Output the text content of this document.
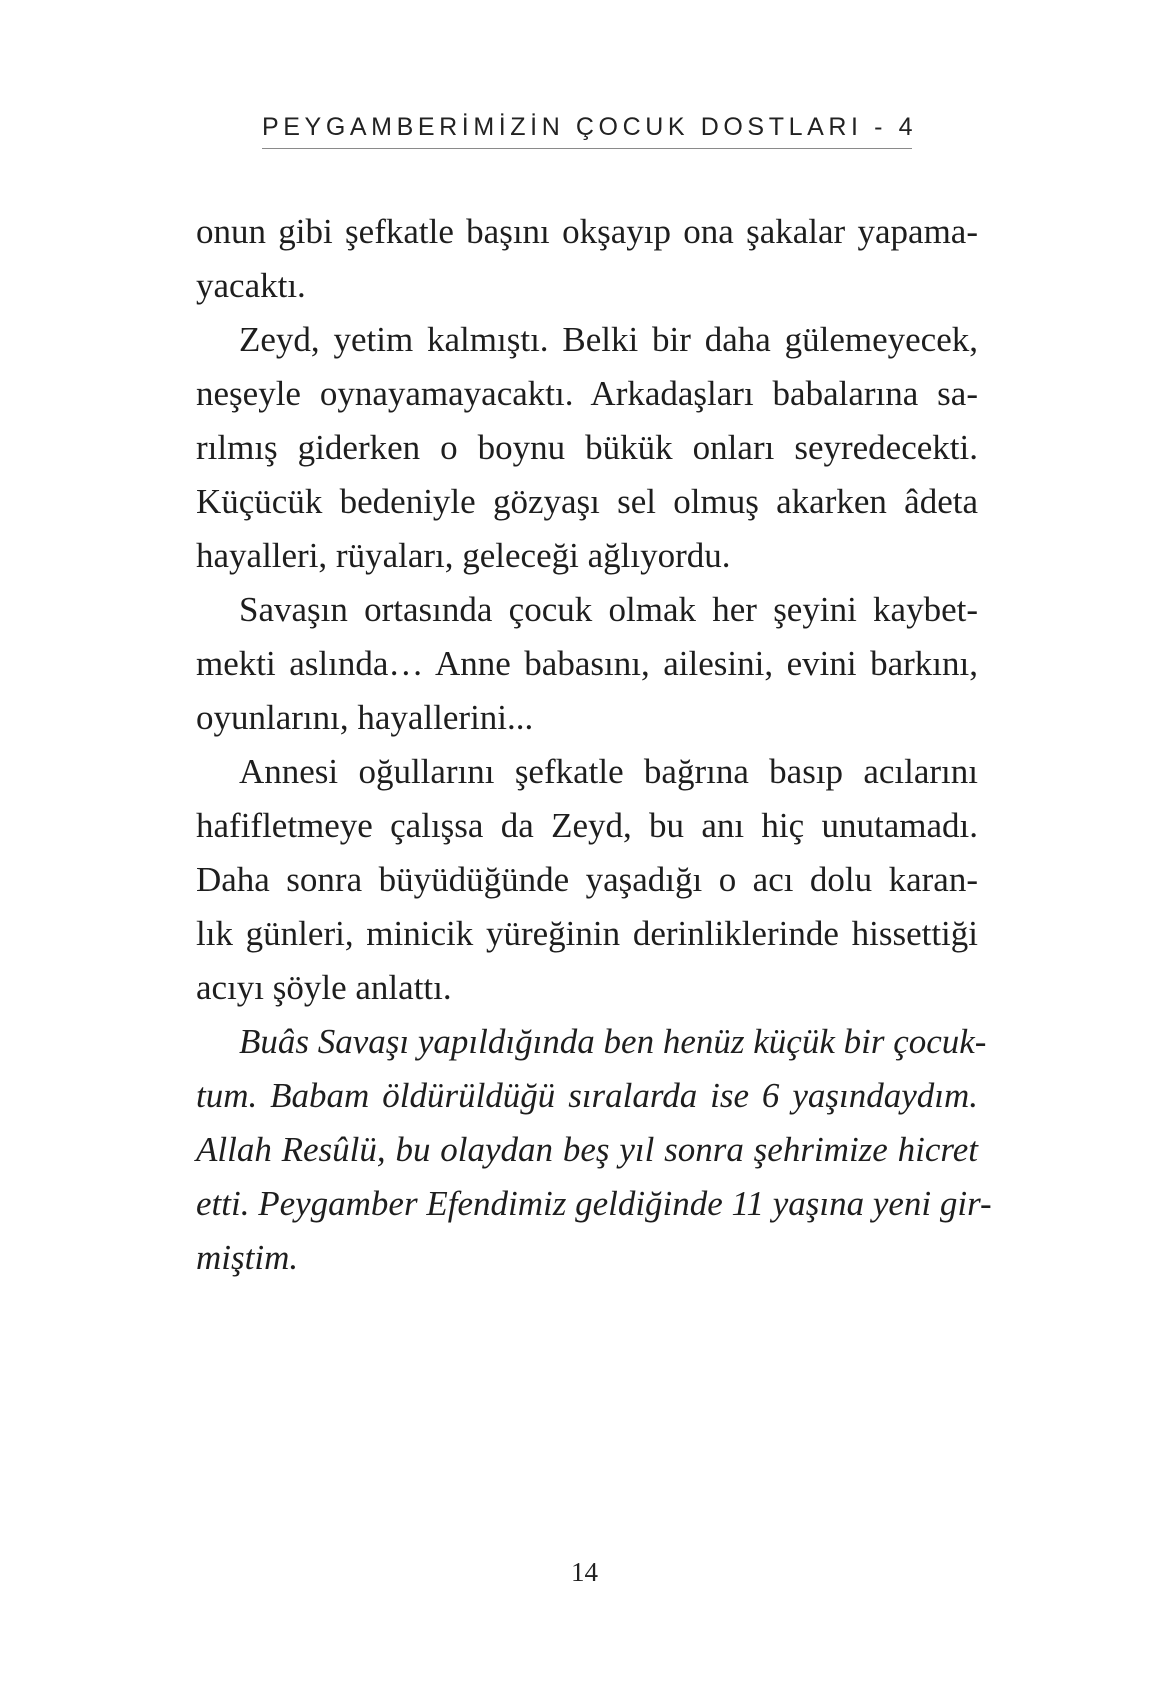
PEYGAMBERİMİZİN ÇOCUK DOSTLARI - 4
onun gibi şefkatle başını okşayıp ona şakalar yapama-
yacaktı.
Zeyd, yetim kalmıştı. Belki bir daha gülemeyecek,
neşeyle oynayamayacaktı. Arkadaşları babalarına sa-
rılmış giderken o boynu bükük onları seyredecekti.
Küçücük bedeniyle gözyaşı sel olmuş akarken âdeta
hayalleri, rüyaları, geleceği ağlıyordu.
Savaşın ortasında çocuk olmak her şeyini kaybet-
mekti aslında… Anne babasını, ailesini, evini barkını,
oyunlarını, hayallerini...
Annesi oğullarını şefkatle bağrına basıp acılarını
hafifletmeye çalışsa da Zeyd, bu anı hiç unutamadı.
Daha sonra büyüdüğünde yaşadığı o acı dolu karan-
lık günleri, minicik yüreğinin derinliklerinde hissettiği
acıyı şöyle anlattı.
Buâs Savaşı yapıldığında ben henüz küçük bir çocuk-
tum. Babam öldürüldüğü sıralarda ise 6 yaşındaydım.
Allah Resûlü, bu olaydan beş yıl sonra şehrimize hicret
etti. Peygamber Efendimiz geldiğinde 11 yaşına yeni gir-
miştim.
14
